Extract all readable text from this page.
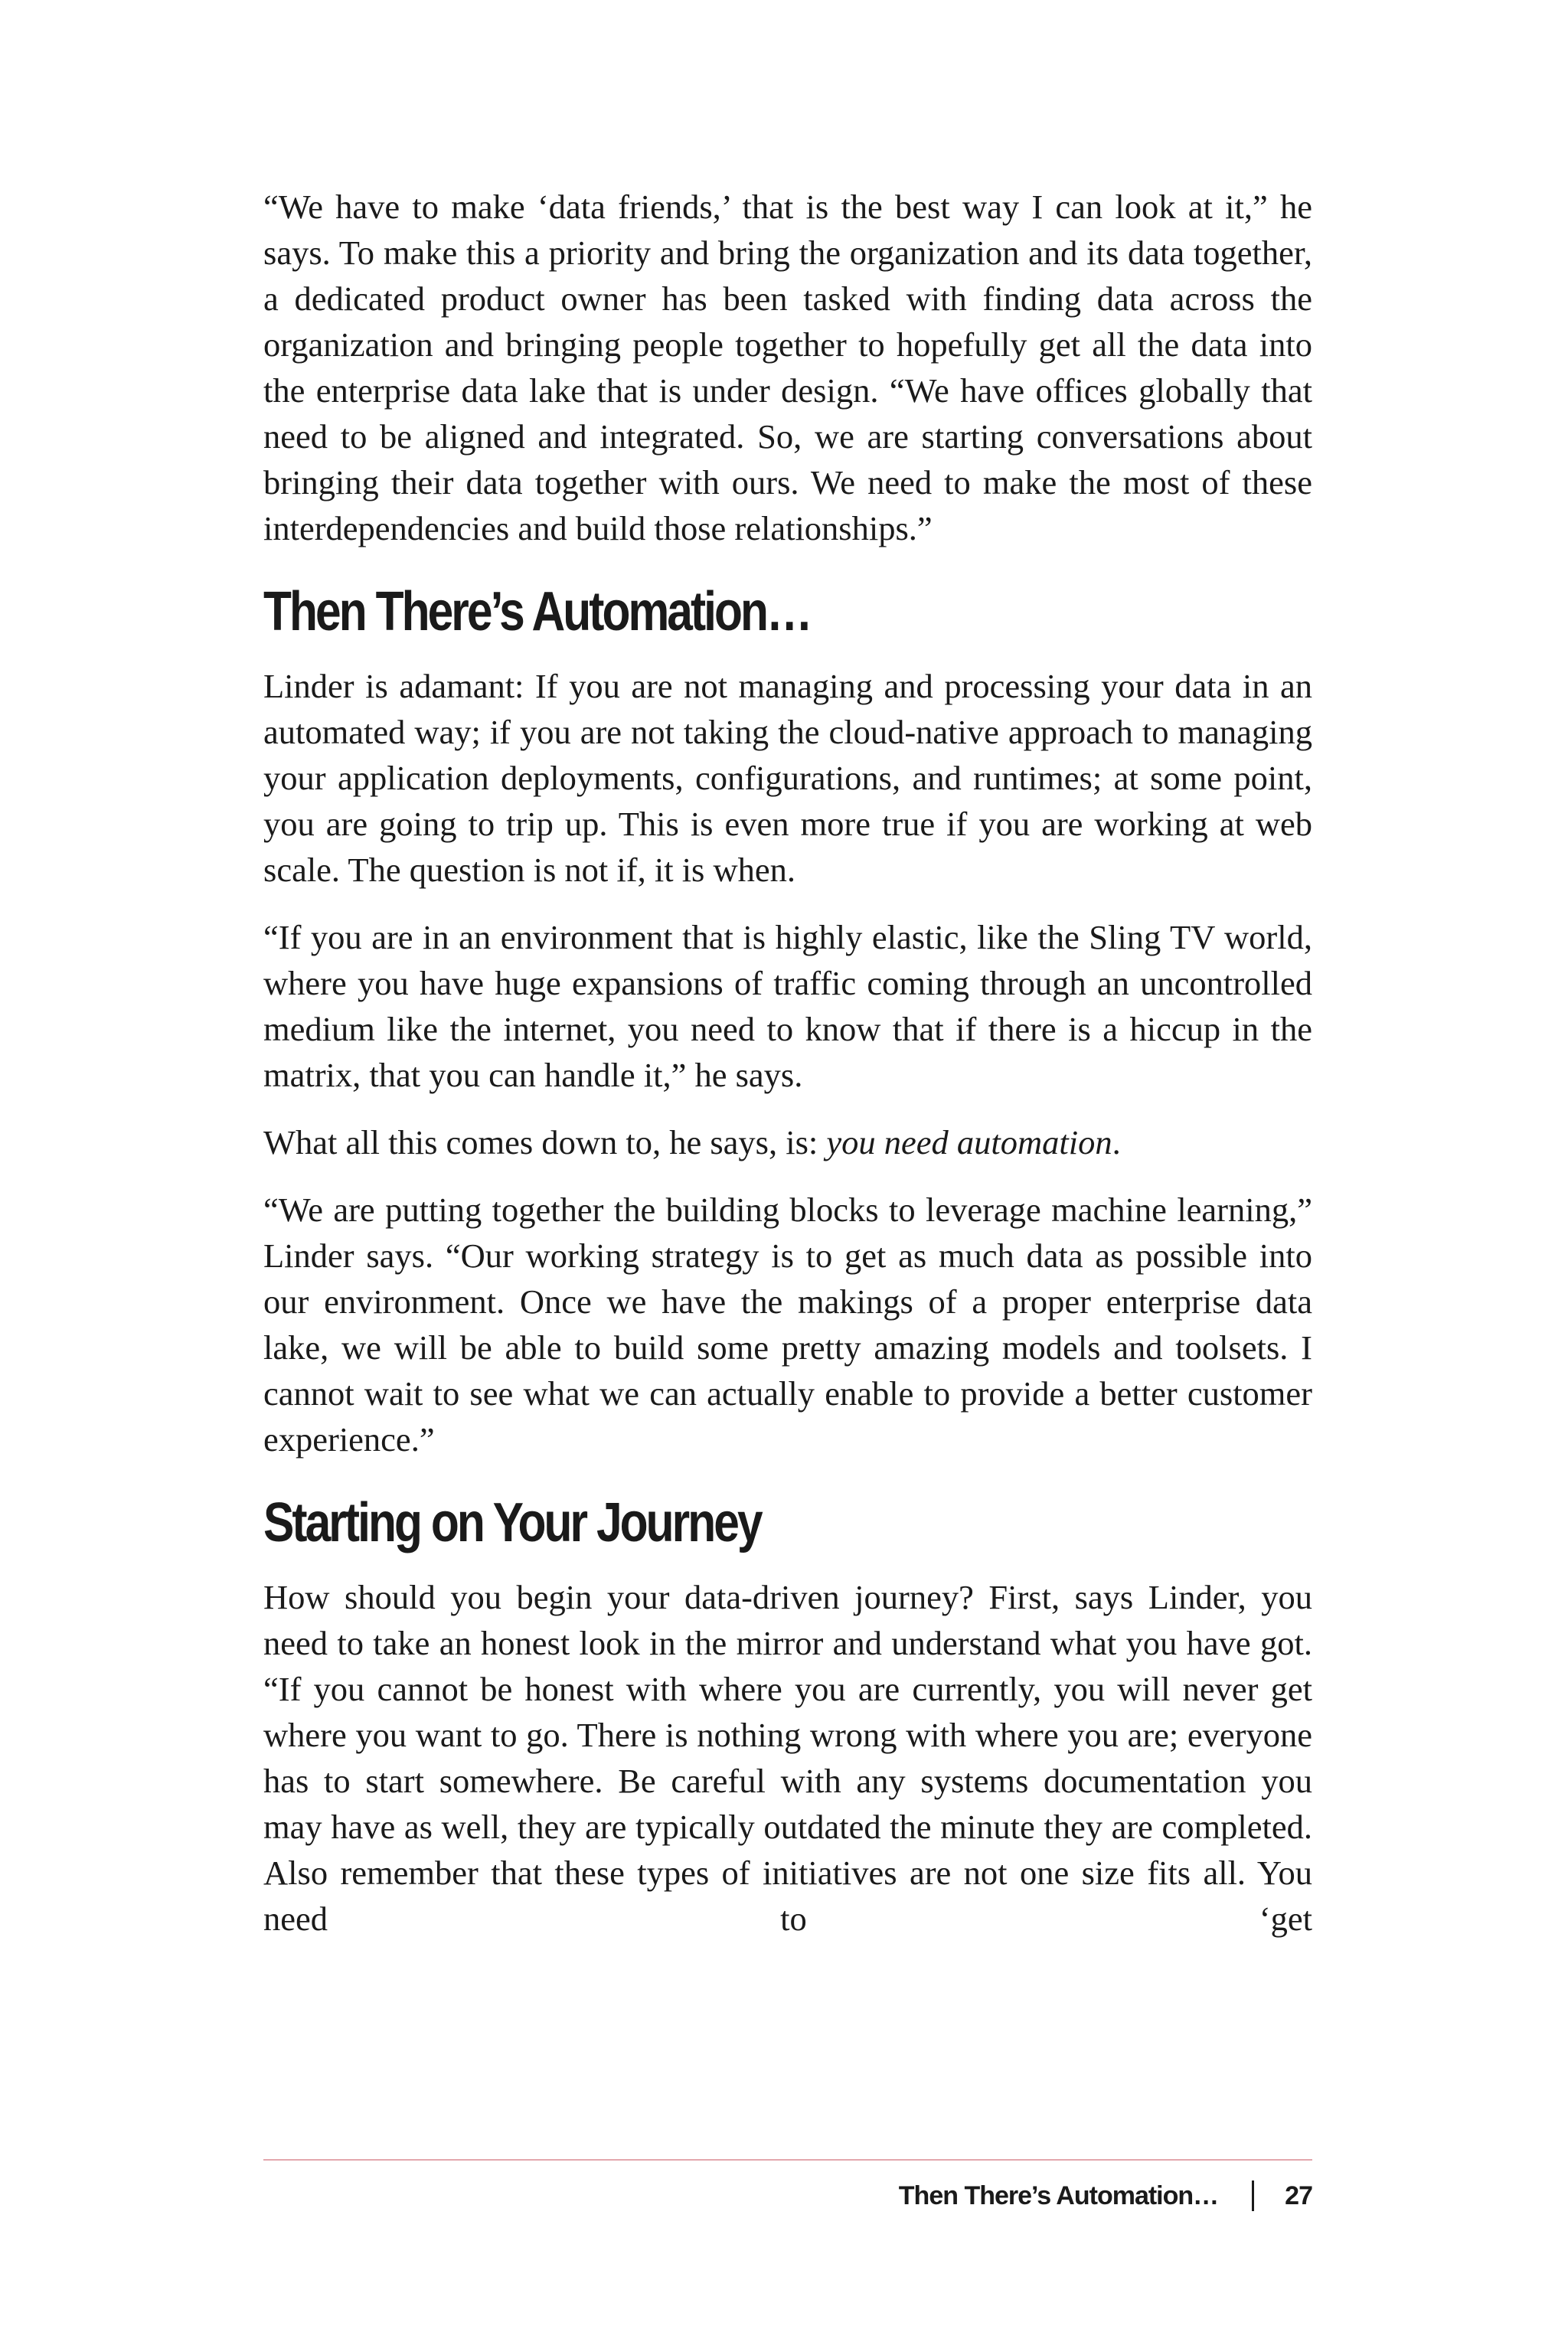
“We have to make ‘data friends,’ that is the best way I can look at it,” he says. To make this a priority and bring the organization and its data together, a dedicated product owner has been tasked with finding data across the organization and bringing people together to hopefully get all the data into the enterprise data lake that is under design. “We have offices globally that need to be aligned and integrated. So, we are starting conversations about bringing their data together with ours. We need to make the most of these interdependencies and build those relationships.”

Then There’s Automation…

Linder is adamant: If you are not managing and processing your data in an automated way; if you are not taking the cloud-native approach to managing your application deployments, configurations, and runtimes; at some point, you are going to trip up. This is even more true if you are working at web scale. The question is not if, it is when.

“If you are in an environment that is highly elastic, like the Sling TV world, where you have huge expansions of traffic coming through an uncontrolled medium like the internet, you need to know that if there is a hiccup in the matrix, that you can handle it,” he says.

What all this comes down to, he says, is: you need automation.

“We are putting together the building blocks to leverage machine learning,” Linder says. “Our working strategy is to get as much data as possible into our environment. Once we have the makings of a proper enterprise data lake, we will be able to build some pretty amazing models and toolsets. I cannot wait to see what we can actually enable to provide a better customer experience.”

Starting on Your Journey

How should you begin your data-driven journey? First, says Linder, you need to take an honest look in the mirror and understand what you have got. “If you cannot be honest with where you are currently, you will never get where you want to go. There is nothing wrong with where you are; everyone has to start somewhere. Be careful with any systems documentation you may have as well, they are typically outdated the minute they are completed. Also remember that these types of initiatives are not one size fits all. You need to ‘get

Then There’s Automation…	27
